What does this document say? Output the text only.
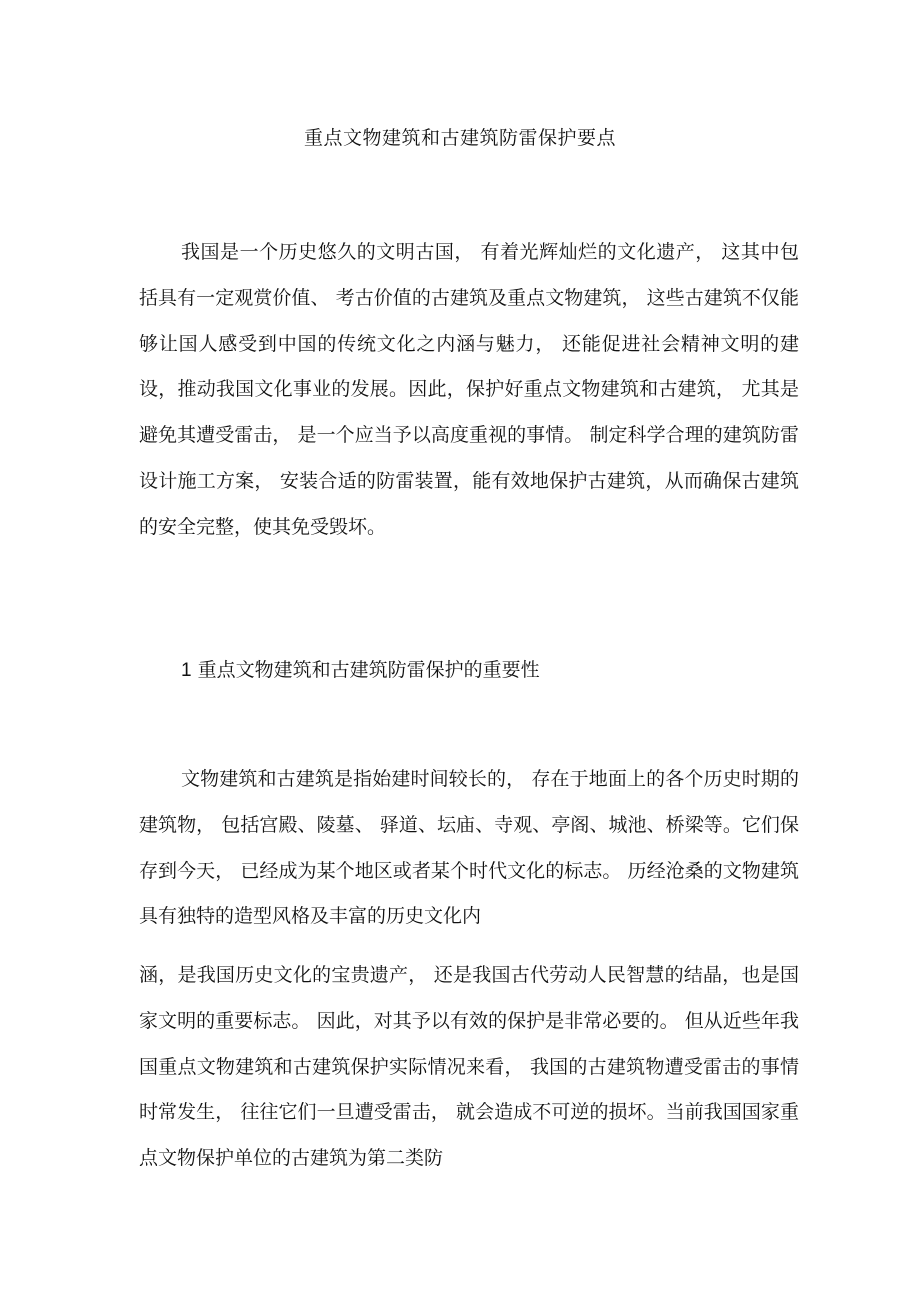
重点文物建筑和古建筑防雷保护要点

我国是一个历史悠久的文明古国， 有着光辉灿烂的文化遗产， 这其中包括具有一定观赏价值、 考古价值的古建筑及重点文物建筑， 这些古建筑不仅能够让国人感受到中国的传统文化之内涵与魅力， 还能促进社会精神文明的建设，推动我国文化事业的发展。因此，保护好重点文物建筑和古建筑， 尤其是避免其遭受雷击， 是一个应当予以高度重视的事情。 制定科学合理的建筑防雷设计施工方案， 安装合适的防雷装置，能有效地保护古建筑，从而确保古建筑的安全完整，使其免受毁坏。

1 重点文物建筑和古建筑防雷保护的重要性

文物建筑和古建筑是指始建时间较长的， 存在于地面上的各个历史时期的建筑物， 包括宫殿、陵墓、 驿道、坛庙、寺观、亭阁、城池、桥梁等。它们保存到今天， 已经成为某个地区或者某个时代文化的标志。 历经沧桑的文物建筑具有独特的造型风格及丰富的历史文化内

涵，是我国历史文化的宝贵遗产， 还是我国古代劳动人民智慧的结晶，也是国家文明的重要标志。 因此，对其予以有效的保护是非常必要的。 但从近些年我国重点文物建筑和古建筑保护实际情况来看， 我国的古建筑物遭受雷击的事情时常发生， 往往它们一旦遭受雷击， 就会造成不可逆的损坏。当前我国国家重点文物保护单位的古建筑为第二类防
